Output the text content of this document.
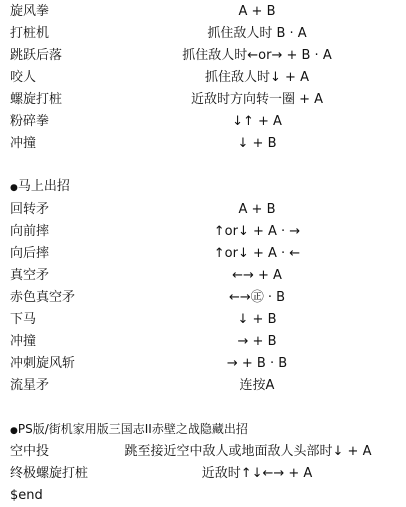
旋风拳	A + B
打桩机	抓住敌人时 B · A
跳跃后落	抓住敌人时←or→ + B · A
咬人	抓住敌人时↓ + A
螺旋打桩	近敌时方向转一圈 + A
粉碎拳	↓↑ + A
冲撞	↓ + B
●马上出招
回转矛	A + B
向前摔	↑or↓ + A · →
向后摔	↑or↓ + A · ←
真空矛	←→ + A
赤色真空矛	←→㊣ · B
下马	↓ + B
冲撞	→ + B
冲刺旋风斩	→ + B · B
流星矛	连按A
●PS版/街机家用版三国志II赤壁之战隐藏出招
空中投	跳至接近空中敌人或地面敌人头部时↓ + A
终极螺旋打桩	近敌时↑↓←→ + A
$end
